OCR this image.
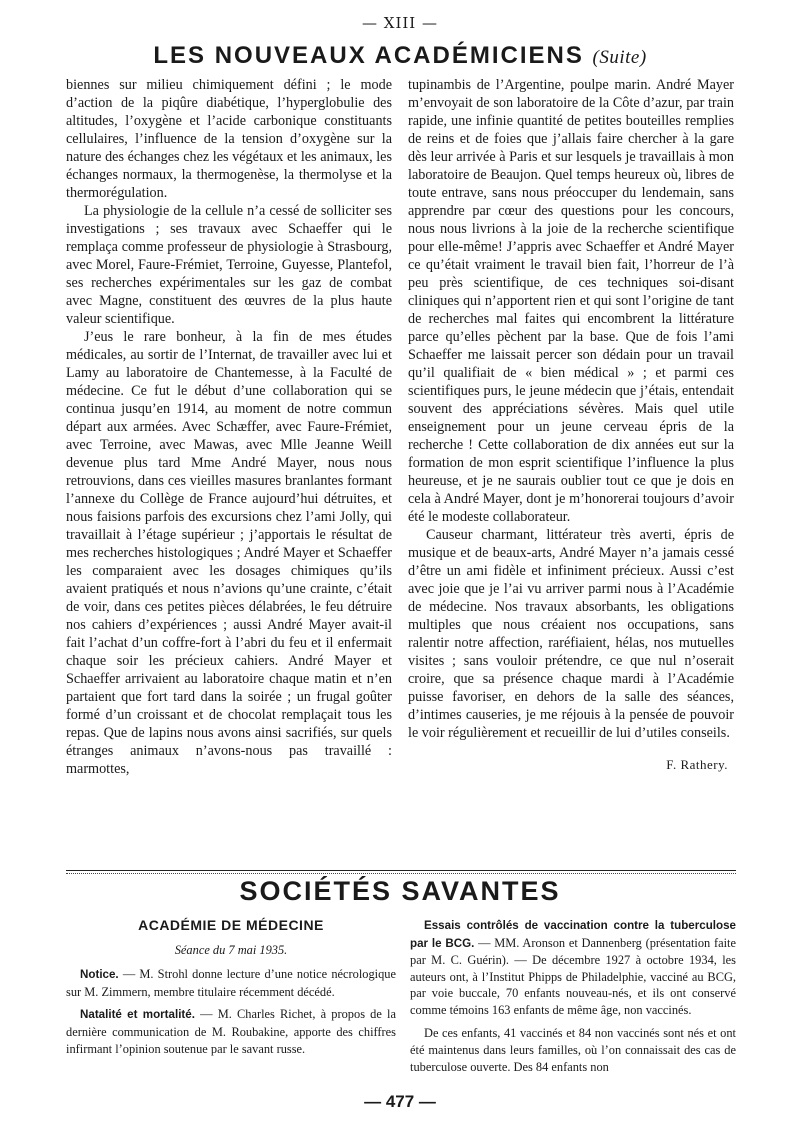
— XIII —
LES NOUVEAUX ACADÉMICIENS (Suite)

biennes sur milieu chimiquement défini ; le mode d’action de la piqûre diabétique, l’hyperglobulie des altitudes, l’oxygène et l’acide carbonique constituants cellulaires, l’influence de la tension d’oxygène sur la nature des échanges chez les végétaux et les animaux, les échanges normaux, la thermogenèse, la thermolyse et la thermorégulation.

La physiologie de la cellule n’a cessé de solliciter ses investigations ; ses travaux avec Schaeffer qui le remplaça comme professeur de physiologie à Strasbourg, avec Morel, Faure-Frémiet, Terroine, Guyesse, Plantefol, ses recherches expérimentales sur les gaz de combat avec Magne, constituent des œuvres de la plus haute valeur scientifique.

J’eus le rare bonheur, à la fin de mes études médicales, au sortir de l’Internat, de travailler avec lui et Lamy au laboratoire de Chantemesse, à la Faculté de médecine. Ce fut le début d’une collaboration qui se continua jusqu’en 1914, au moment de notre commun départ aux armées. Avec Schæffer, avec Faure-Frémiet, avec Terroine, avec Mawas, avec Mlle Jeanne Weill devenue plus tard Mme André Mayer, nous nous retrouvions, dans ces vieilles masures branlantes formant l’annexe du Collège de France aujourd’hui détruites, et nous faisions parfois des excursions chez l’ami Jolly, qui travaillait à l’étage supérieur ; j’apportais le résultat de mes recherches histologiques ; André Mayer et Schaeffer les comparaient avec les dosages chimiques qu’ils avaient pratiqués et nous n’avions qu’une crainte, c’était de voir, dans ces petites pièces délabrées, le feu détruire nos cahiers d’expériences ; aussi André Mayer avait-il fait l’achat d’un coffre-fort à l’abri du feu et il enfermait chaque soir les précieux cahiers. André Mayer et Schaeffer arrivaient au laboratoire chaque matin et n’en partaient que fort tard dans la soirée ; un frugal goûter formé d’un croissant et de chocolat remplaçait tous les repas. Que de lapins nous avons ainsi sacrifiés, sur quels étranges animaux n’avons-nous pas travaillé : marmottes,

tupinambis de l’Argentine, poulpe marin. André Mayer m’envoyait de son laboratoire de la Côte d’azur, par train rapide, une infinie quantité de petites bouteilles remplies de reins et de foies que j’allais faire chercher à la gare dès leur arrivée à Paris et sur lesquels je travaillais à mon laboratoire de Beaujon. Quel temps heureux où, libres de toute entrave, sans nous préoccuper du lendemain, sans apprendre par cœur des questions pour les concours, nous nous livrions à la joie de la recherche scientifique pour elle-même! J’appris avec Schaeffer et André Mayer ce qu’était vraiment le travail bien fait, l’horreur de l’à peu près scientifique, de ces techniques soi-disant cliniques qui n’apportent rien et qui sont l’origine de tant de recherches mal faites qui encombrent la littérature parce qu’elles pèchent par la base. Que de fois l’ami Schaeffer me laissait percer son dédain pour un travail qu’il qualifiait de « bien médical » ; et parmi ces scientifiques purs, le jeune médecin que j’étais, entendait souvent des appréciations sévères. Mais quel utile enseignement pour un jeune cerveau épris de la recherche ! Cette collaboration de dix années eut sur la formation de mon esprit scientifique l’influence la plus heureuse, et je ne saurais oublier tout ce que je dois en cela à André Mayer, dont je m’honorerai toujours d’avoir été le modeste collaborateur.

Causeur charmant, littérateur très averti, épris de musique et de beaux-arts, André Mayer n’a jamais cessé d’être un ami fidèle et infiniment précieux. Aussi c’est avec joie que je l’ai vu arriver parmi nous à l’Académie de médecine. Nos travaux absorbants, les obligations multiples que nous créaient nos occupations, sans ralentir notre affection, raréfiaient, hélas, nos mutuelles visites ; sans vouloir prétendre, ce que nul n’oserait croire, que sa présence chaque mardi à l’Académie puisse favoriser, en dehors de la salle des séances, d’intimes causeries, je me réjouis à la pensée de pouvoir le voir régulièrement et recueillir de lui d’utiles conseils.

F. Rathery.
SOCIÉTÉS SAVANTES
ACADÉMIE DE MÉDECINE
Séance du 7 mai 1935.

Notice. — M. Strohl donne lecture d’une notice nécrologique sur M. Zimmern, membre titulaire récemment décédé.

Natalité et mortalité. — M. Charles Richet, à propos de la dernière communication de M. Roubakine, apporte des chiffres infirmant l’opinion soutenue par le savant russe.

Essais contrôlés de vaccination contre la tuberculose par le BCG. — MM. Aronson et Dannenberg (présentation faite par M. C. Guérin). — De décembre 1927 à octobre 1934, les auteurs ont, à l’Institut Phipps de Philadelphie, vacciné au BCG, par voie buccale, 70 enfants nouveau-nés, et ils ont conservé comme témoins 163 enfants de même âge, non vaccinés.

De ces enfants, 41 vaccinés et 84 non vaccinés sont nés et ont été maintenus dans leurs familles, où l’on connaissait des cas de tuberculose ouverte. Des 84 enfants non

— 477 —
